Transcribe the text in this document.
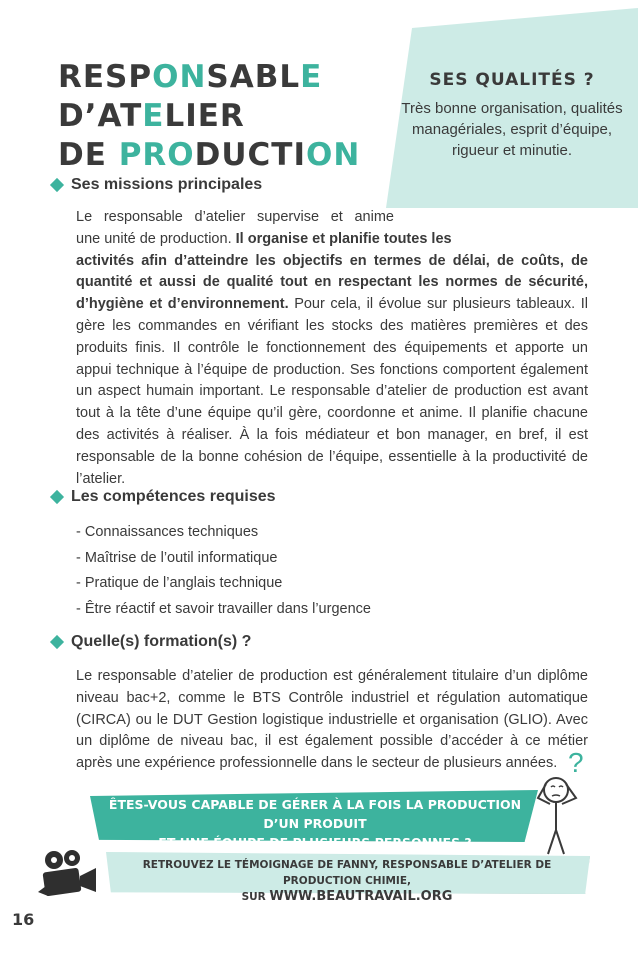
SES QUALITÉS ?
Très bonne organisation, qualités managériales, esprit d’équipe, rigueur et minutie.
RESPONSABLE D’ATELIER
DE PRODUCTION
Ses missions principales
Le responsable d’atelier supervise et anime
une unité de production. Il organise et planifie toutes les
activités afin d’atteindre les objectifs en termes de délai, de coûts, de quantité et aussi de qualité tout en respectant les normes de sécurité, d’hygiène et d’environnement. Pour cela, il évolue sur plusieurs tableaux. Il gère les commandes en vérifiant les stocks des matières premières et des produits finis. Il contrôle le fonctionnement des équipements et apporte un appui technique à l’équipe de production. Ses fonctions comportent également un aspect humain important. Le responsable d’atelier de production est avant tout à la tête d’une équipe qu’il gère, coordonne et anime. Il planifie chacune des activités à réaliser. À la fois médiateur et bon manager, en bref, il est responsable de la bonne cohésion de l’équipe, essentielle à la productivité de l’atelier.
Les compétences requises
- Connaissances techniques
- Maîtrise de l’outil informatique
- Pratique de l’anglais technique
- Être réactif et savoir travailler dans l’urgence
Quelle(s) formation(s) ?
Le responsable d’atelier de production est généralement titulaire d’un diplôme niveau bac+2, comme le BTS Contrôle industriel et régulation automatique (CIRCA) ou le DUT Gestion logistique industrielle et organisation (GLIO). Avec un diplôme de niveau bac, il est également possible d’accéder à ce métier après une expérience professionnelle dans le secteur de plusieurs années. ?
ÊTES-VOUS CAPABLE DE GÉRER À LA FOIS LA PRODUCTION D’UN PRODUIT
ET UNE ÉQUIPE DE PLUSIEURS PERSONNES ?
RETROUVEZ LE TÉMOIGNAGE DE FANNY, RESPONSABLE D’ATELIER DE PRODUCTION CHIMIE,
SUR WWW.BEAUTRAVAIL.ORG
16
